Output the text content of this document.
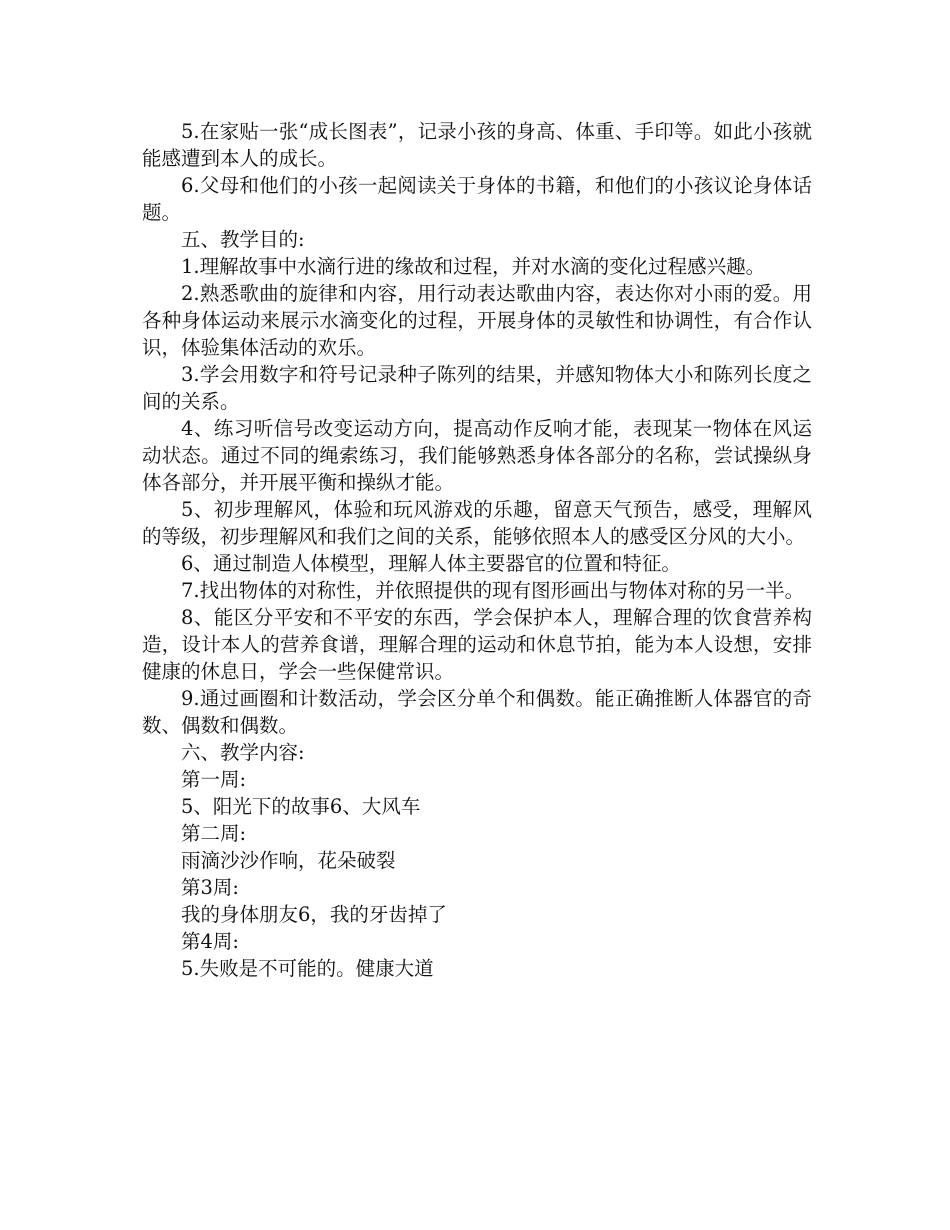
5.在家贴一张“成长图表”，记录小孩的身高、体重、手印等。如此小孩就能感遭到本人的成长。

6.父母和他们的小孩一起阅读关于身体的书籍，和他们的小孩议论身体话题。

五、教学目的:

1.理解故事中水滴行进的缘故和过程，并对水滴的变化过程感兴趣。

2.熟悉歌曲的旋律和内容，用行动表达歌曲内容，表达你对小雨的爱。用各种身体运动来展示水滴变化的过程，开展身体的灵敏性和协调性，有合作认识，体验集体活动的欢乐。

3.学会用数字和符号记录种子陈列的结果，并感知物体大小和陈列长度之间的关系。

4、练习听信号改变运动方向，提高动作反响才能，表现某一物体在风运动状态。通过不同的绳索练习，我们能够熟悉身体各部分的名称，尝试操纵身体各部分，并开展平衡和操纵才能。

5、初步理解风，体验和玩风游戏的乐趣，留意天气预告，感受，理解风的等级，初步理解风和我们之间的关系，能够依照本人的感受区分风的大小。

6、通过制造人体模型，理解人体主要器官的位置和特征。

7.找出物体的对称性，并依照提供的现有图形画出与物体对称的另一半。

8、能区分平安和不平安的东西，学会保护本人，理解合理的饮食营养构造，设计本人的营养食谱，理解合理的运动和休息节拍，能为本人设想，安排健康的休息日，学会一些保健常识。

9.通过画圈和计数活动，学会区分单个和偶数。能正确推断人体器官的奇数、偶数和偶数。

六、教学内容:

第一周:

5、阳光下的故事6、大风车

第二周:

雨滴沙沙作响，花朵破裂

第3周:

我的身体朋友6，我的牙齿掉了

第4周:

5.失败是不可能的。健康大道
